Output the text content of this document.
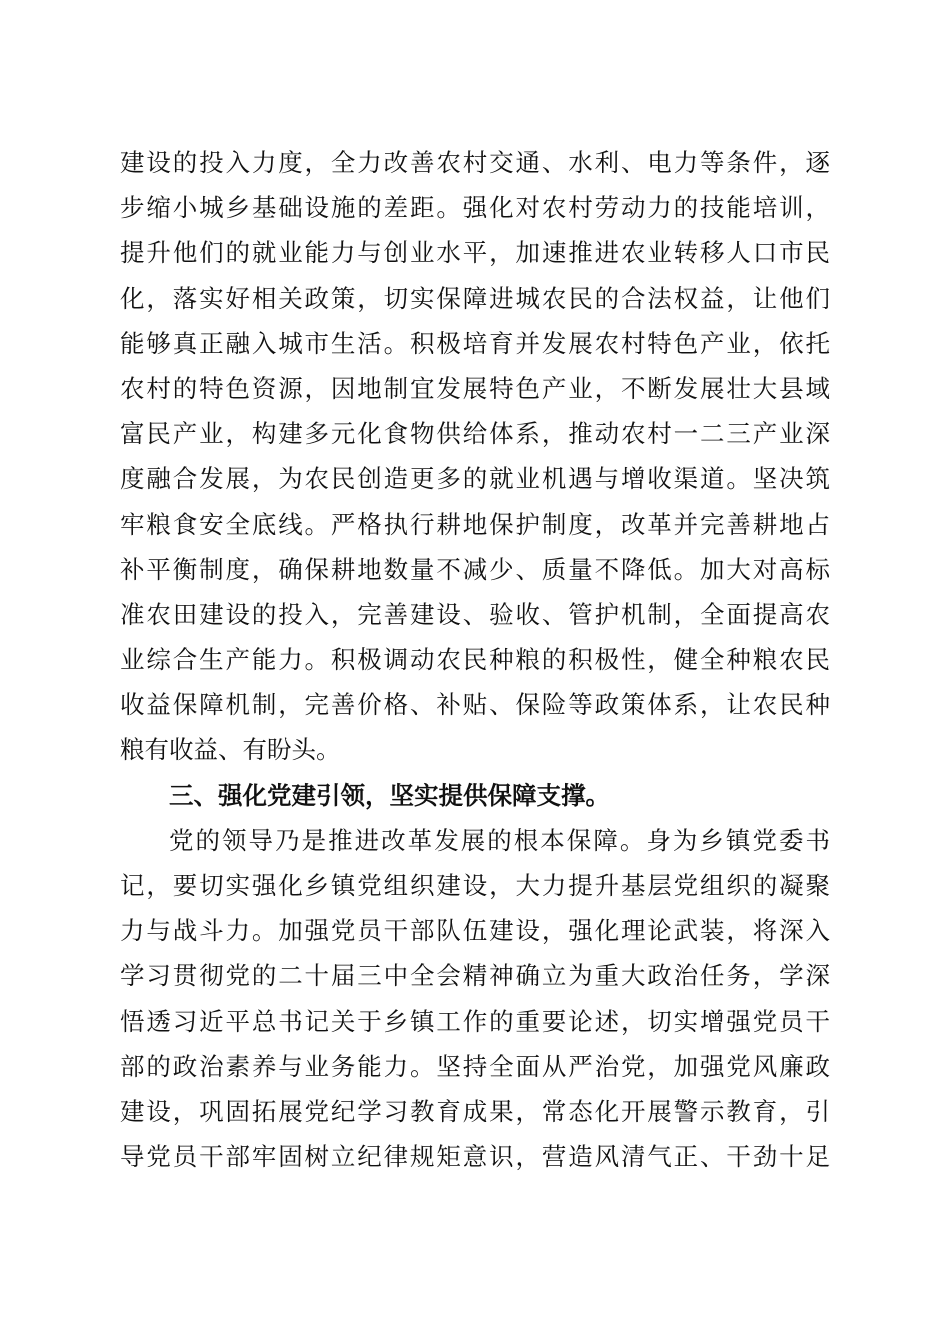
建设的投入力度，全力改善农村交通、水利、电力等条件，逐
步缩小城乡基础设施的差距。强化对农村劳动力的技能培训，
提升他们的就业能力与创业水平，加速推进农业转移人口市民
化，落实好相关政策，切实保障进城农民的合法权益，让他们
能够真正融入城市生活。积极培育并发展农村特色产业，依托
农村的特色资源，因地制宜发展特色产业，不断发展壮大县域
富民产业，构建多元化食物供给体系，推动农村一二三产业深
度融合发展，为农民创造更多的就业机遇与增收渠道。坚决筑
牢粮食安全底线。严格执行耕地保护制度，改革并完善耕地占
补平衡制度，确保耕地数量不减少、质量不降低。加大对高标
准农田建设的投入，完善建设、验收、管护机制，全面提高农
业综合生产能力。积极调动农民种粮的积极性，健全种粮农民
收益保障机制，完善价格、补贴、保险等政策体系，让农民种
粮有收益、有盼头。
三、强化党建引领，坚实提供保障支撑。
党的领导乃是推进改革发展的根本保障。身为乡镇党委书
记，要切实强化乡镇党组织建设，大力提升基层党组织的凝聚
力与战斗力。加强党员干部队伍建设，强化理论武装，将深入
学习贯彻党的二十届三中全会精神确立为重大政治任务，学深
悟透习近平总书记关于乡镇工作的重要论述，切实增强党员干
部的政治素养与业务能力。坚持全面从严治党，加强党风廉政
建设，巩固拓展党纪学习教育成果，常态化开展警示教育，引
导党员干部牢固树立纪律规矩意识，营造风清气正、干劲十足
